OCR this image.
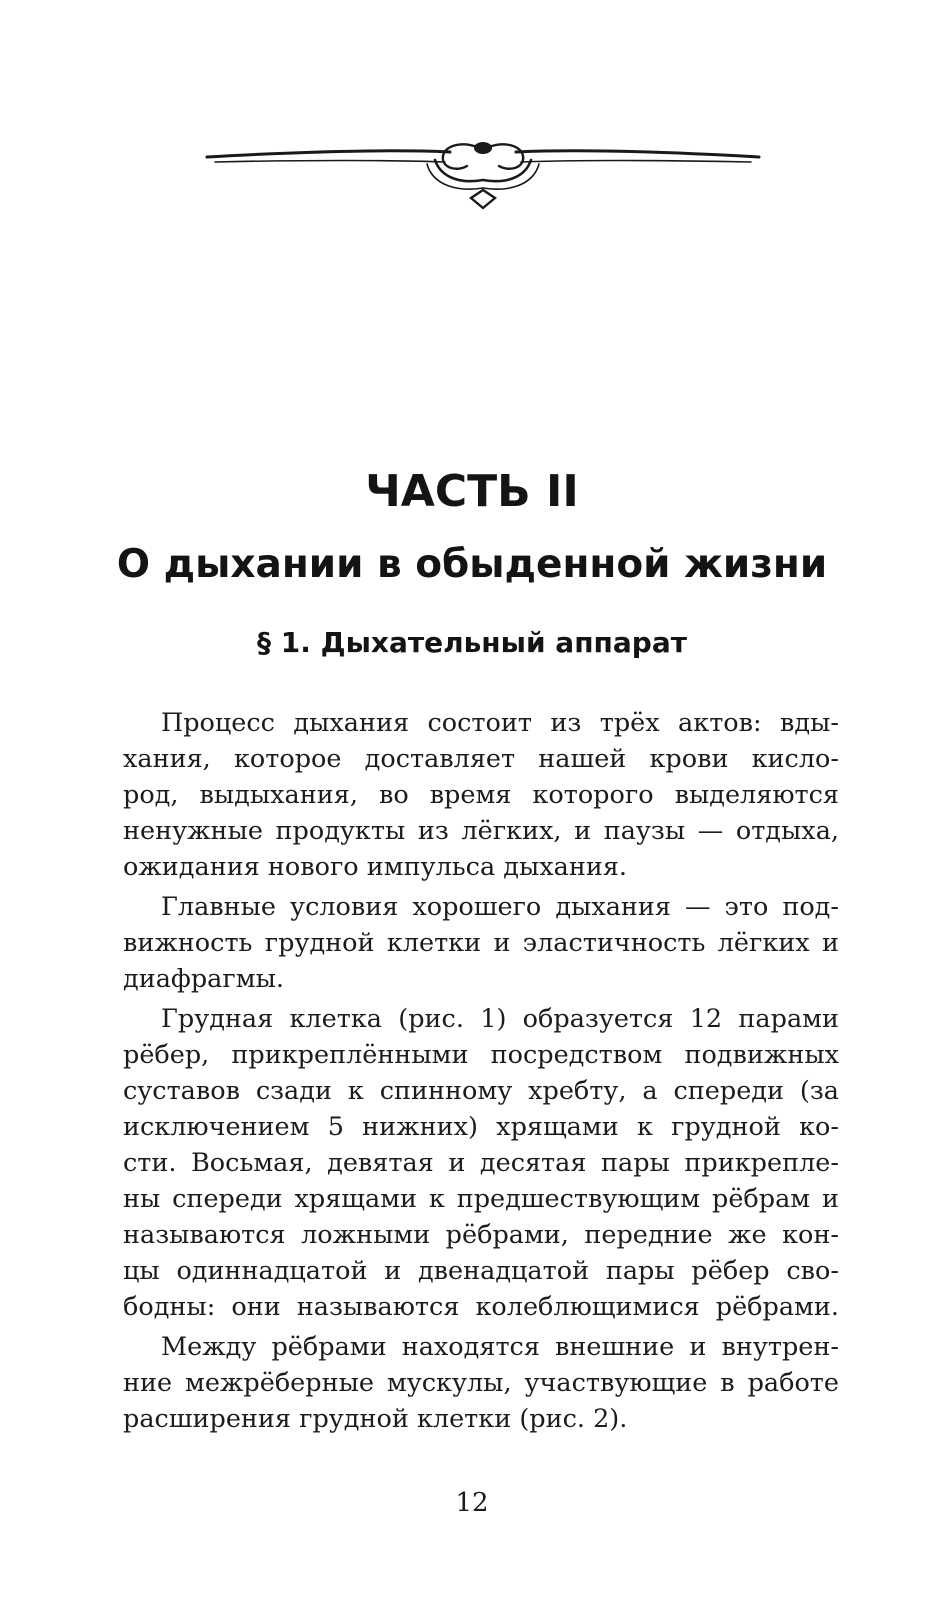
ЧАСТЬ II
О дыхании в обыденной жизни
§ 1. Дыхательный аппарат
Процесс дыхания состоит из трёх актов: вды-
хания, которое доставляет нашей крови кисло-
род, выдыхания, во время которого выделяются
ненужные продукты из лёгких, и паузы — отдыха,
ожидания нового импульса дыхания.
Главные условия хорошего дыхания — это под-
вижность грудной клетки и эластичность лёгких и
диафрагмы.
Грудная клетка (рис. 1) образуется 12 парами
рёбер, прикреплёнными посредством подвижных
суставов сзади к спинному хребту, а спереди (за
исключением 5 нижних) хрящами к грудной ко-
сти. Восьмая, девятая и десятая пары прикрепле-
ны спереди хрящами к предшествующим рёбрам и
называются ложными рёбрами, передние же кон-
цы одиннадцатой и двенадцатой пары рёбер сво-
бодны: они называются колеблющимися рёбрами.
Между рёбрами находятся внешние и внутрен-
ние межрёберные мускулы, участвующие в работе
расширения грудной клетки (рис. 2).
12
